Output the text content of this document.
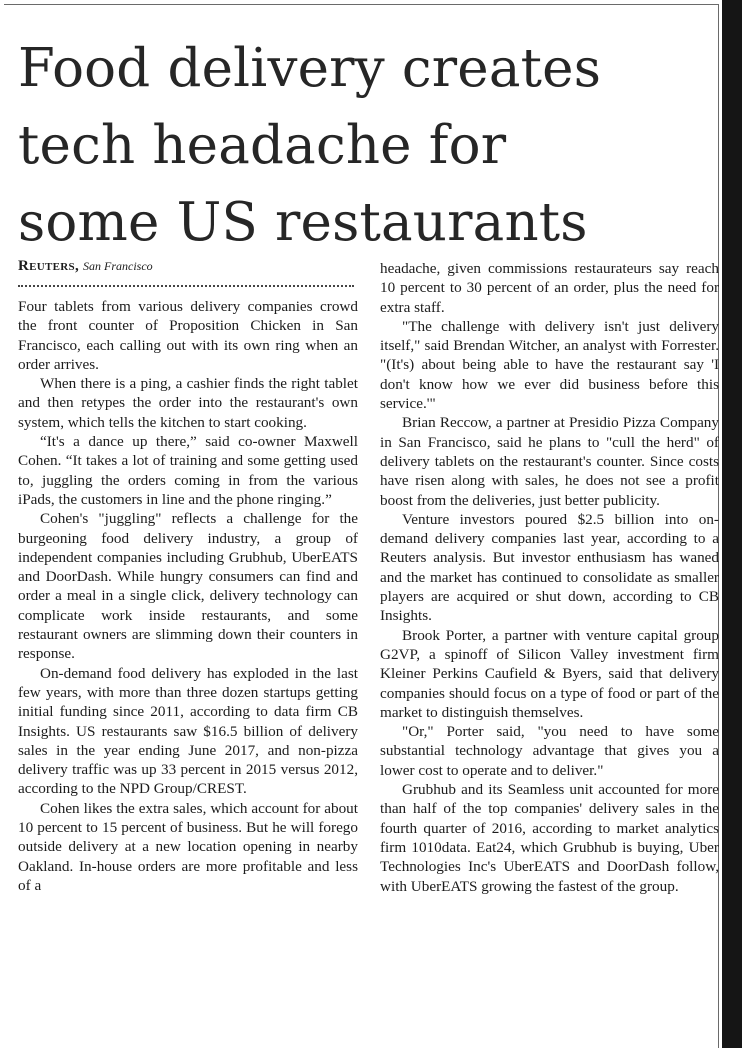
Food delivery creates
tech headache for
some US restaurants
Reuters, San Francisco

Four tablets from various delivery companies crowd the front counter of Proposition Chicken in San Francisco, each calling out with its own ring when an order arrives.

When there is a ping, a cashier finds the right tablet and then retypes the order into the restaurant's own system, which tells the kitchen to start cooking.

“It's a dance up there,” said co-owner Maxwell Cohen. “It takes a lot of training and some getting used to, juggling the orders coming in from the various iPads, the customers in line and the phone ringing.”

Cohen's "juggling" reflects a challenge for the burgeoning food delivery industry, a group of independent companies including Grubhub, UberEATS and DoorDash. While hungry consumers can find and order a meal in a single click, delivery technology can complicate work inside restaurants, and some restaurant owners are slimming down their counters in response.

On-demand food delivery has exploded in the last few years, with more than three dozen startups getting initial funding since 2011, according to data firm CB Insights. US restaurants saw $16.5 billion of delivery sales in the year ending June 2017, and non-pizza delivery traffic was up 33 percent in 2015 versus 2012, according to the NPD Group/CREST.

Cohen likes the extra sales, which account for about 10 percent to 15 percent of business. But he will forego outside delivery at a new location opening in nearby Oakland. In-house orders are more profitable and less of a

headache, given commissions restaurateurs say reach 10 percent to 30 percent of an order, plus the need for extra staff.

"The challenge with delivery isn't just delivery itself," said Brendan Witcher, an analyst with Forrester. "(It's) about being able to have the restaurant say 'I don't know how we ever did business before this service.'"

Brian Reccow, a partner at Presidio Pizza Company in San Francisco, said he plans to "cull the herd" of delivery tablets on the restaurant's counter. Since costs have risen along with sales, he does not see a profit boost from the deliveries, just better publicity.

Venture investors poured $2.5 billion into on-demand delivery companies last year, according to a Reuters analysis. But investor enthusiasm has waned and the market has continued to consolidate as smaller players are acquired or shut down, according to CB Insights.

Brook Porter, a partner with venture capital group G2VP, a spinoff of Silicon Valley investment firm Kleiner Perkins Caufield & Byers, said that delivery companies should focus on a type of food or part of the market to distinguish themselves.

"Or," Porter said, "you need to have some substantial technology advantage that gives you a lower cost to operate and to deliver."

Grubhub and its Seamless unit accounted for more than half of the top companies' delivery sales in the fourth quarter of 2016, according to market analytics firm 1010data. Eat24, which Grubhub is buying, Uber Technologies Inc's UberEATS and DoorDash follow, with UberEATS growing the fastest of the group.
